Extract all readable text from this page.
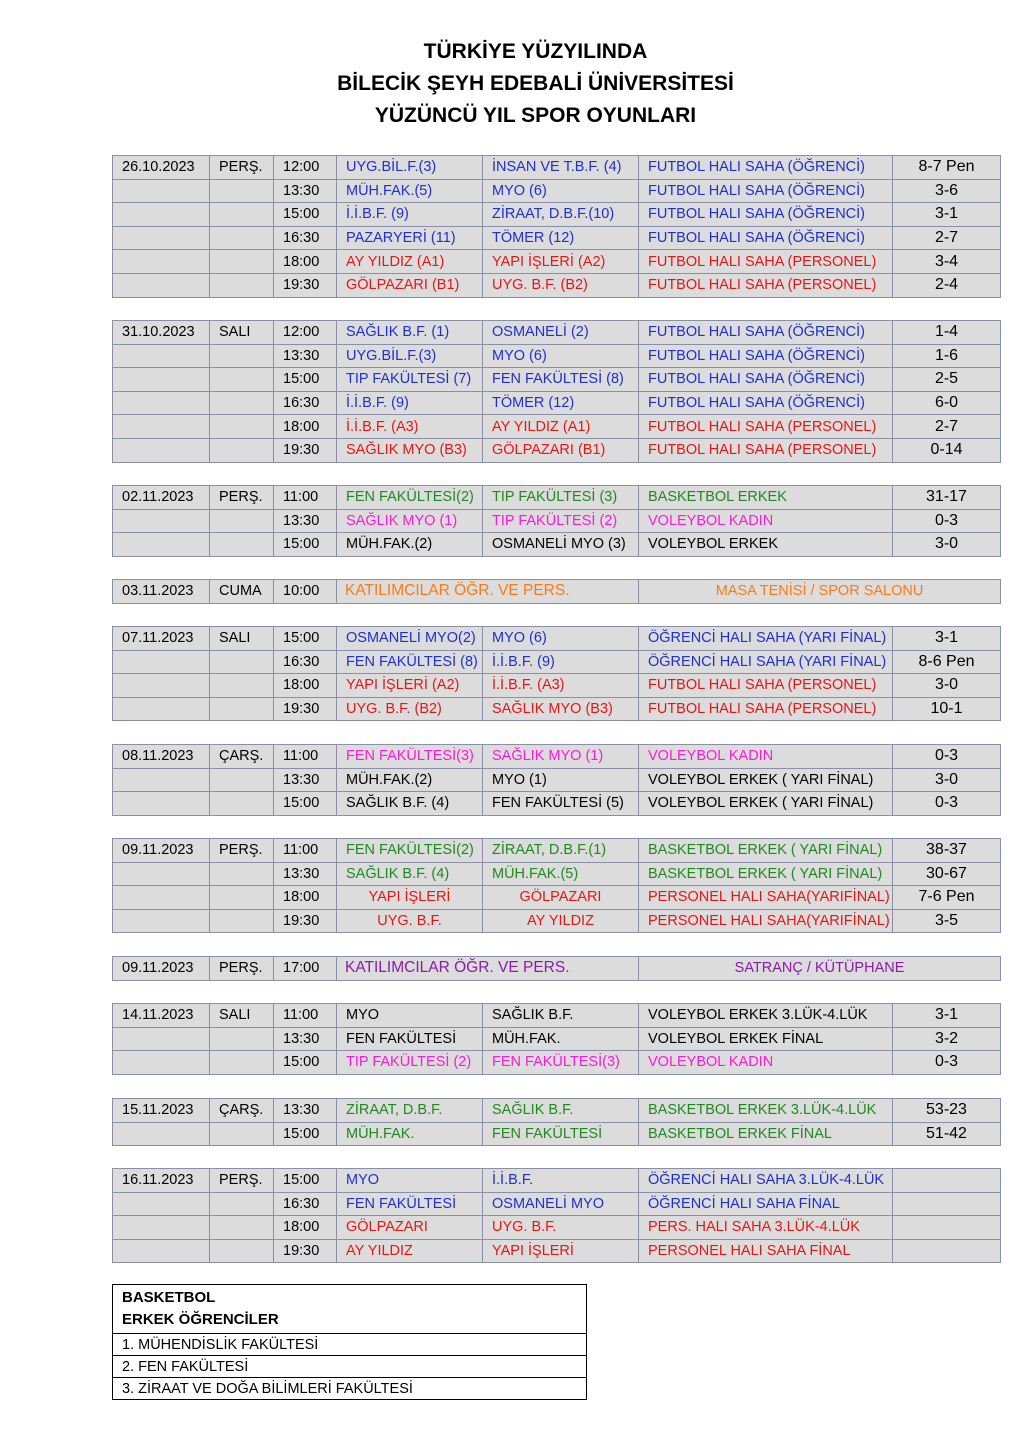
TÜRKİYE YÜZYILINDA
BİLECİK ŞEYH EDEBALİ ÜNİVERSİTESİ
YÜZÜNCÜ YIL SPOR OYUNLARI
26.10.2023	PERŞ.	12:00	UYG.BİL.F.(3)	İNSAN VE T.B.F. (4)	FUTBOL HALI SAHA (ÖĞRENCİ)	8-7 Pen
		13:30	MÜH.FAK.(5)	MYO (6)	FUTBOL HALI SAHA (ÖĞRENCİ)	3-6
		15:00	İ.İ.B.F. (9)	ZİRAAT, D.B.F.(10)	FUTBOL HALI SAHA (ÖĞRENCİ)	3-1
		16:30	PAZARYERİ (11)	TÖMER (12)	FUTBOL HALI SAHA (ÖĞRENCİ)	2-7
		18:00	AY YILDIZ (A1)	YAPI İŞLERİ (A2)	FUTBOL HALI SAHA (PERSONEL)	3-4
		19:30	GÖLPAZARI (B1)	UYG. B.F. (B2)	FUTBOL HALI SAHA (PERSONEL)	2-4
31.10.2023	SALI	12:00	SAĞLIK B.F. (1)	OSMANELİ (2)	FUTBOL HALI SAHA (ÖĞRENCİ)	1-4
		13:30	UYG.BİL.F.(3)	MYO (6)	FUTBOL HALI SAHA (ÖĞRENCİ)	1-6
		15:00	TIP FAKÜLTESİ (7)	FEN FAKÜLTESİ (8)	FUTBOL HALI SAHA (ÖĞRENCİ)	2-5
		16:30	İ.İ.B.F. (9)	TÖMER (12)	FUTBOL HALI SAHA (ÖĞRENCİ)	6-0
		18:00	İ.İ.B.F. (A3)	AY YILDIZ (A1)	FUTBOL HALI SAHA (PERSONEL)	2-7
		19:30	SAĞLIK MYO (B3)	GÖLPAZARI (B1)	FUTBOL HALI SAHA (PERSONEL)	0-14
02.11.2023	PERŞ.	11:00	FEN FAKÜLTESİ(2)	TIP FAKÜLTESİ (3)	BASKETBOL ERKEK	31-17
		13:30	SAĞLIK MYO (1)	TIP FAKÜLTESİ (2)	VOLEYBOL KADIN	0-3
		15:00	MÜH.FAK.(2)	OSMANELİ MYO (3)	VOLEYBOL ERKEK	3-0
03.11.2023	CUMA	10:00	KATILIMCILAR ÖĞR. VE PERS.	MASA TENİSİ / SPOR SALONU
07.11.2023	SALI	15:00	OSMANELİ MYO(2)	MYO (6)	ÖĞRENCİ HALI SAHA (YARI FİNAL)	3-1
		16:30	FEN FAKÜLTESİ (8)	İ.İ.B.F. (9)	ÖĞRENCİ HALI SAHA (YARI FİNAL)	8-6 Pen
		18:00	YAPI İŞLERİ (A2)	İ.İ.B.F. (A3)	FUTBOL HALI SAHA (PERSONEL)	3-0
		19:30	UYG. B.F. (B2)	SAĞLIK MYO (B3)	FUTBOL HALI SAHA (PERSONEL)	10-1
08.11.2023	ÇARŞ.	11:00	FEN FAKÜLTESİ(3)	SAĞLIK MYO (1)	VOLEYBOL KADIN	0-3
		13:30	MÜH.FAK.(2)	MYO (1)	VOLEYBOL ERKEK ( YARI FİNAL)	3-0
		15:00	SAĞLIK B.F. (4)	FEN FAKÜLTESİ (5)	VOLEYBOL ERKEK ( YARI FİNAL)	0-3
09.11.2023	PERŞ.	11:00	FEN FAKÜLTESİ(2)	ZİRAAT, D.B.F.(1)	BASKETBOL ERKEK ( YARI FİNAL)	38-37
		13:30	SAĞLIK B.F. (4)	MÜH.FAK.(5)	BASKETBOL ERKEK ( YARI FİNAL)	30-67
		18:00	YAPI İŞLERİ	GÖLPAZARI	PERSONEL HALI SAHA(YARIFİNAL)	7-6 Pen
		19:30	UYG. B.F.	AY YILDIZ	PERSONEL HALI SAHA(YARIFİNAL)	3-5
09.11.2023	PERŞ.	17:00	KATILIMCILAR ÖĞR. VE PERS.	SATRANÇ / KÜTÜPHANE
14.11.2023	SALI	11:00	MYO	SAĞLIK B.F.	VOLEYBOL ERKEK 3.LÜK-4.LÜK	3-1
		13:30	FEN FAKÜLTESİ	MÜH.FAK.	VOLEYBOL ERKEK FİNAL	3-2
		15:00	TIP FAKÜLTESİ (2)	FEN FAKÜLTESİ(3)	VOLEYBOL KADIN	0-3
15.11.2023	ÇARŞ.	13:30	ZİRAAT, D.B.F.	SAĞLIK B.F.	BASKETBOL ERKEK 3.LÜK-4.LÜK	53-23
		15:00	MÜH.FAK.	FEN FAKÜLTESİ	BASKETBOL ERKEK FİNAL	51-42
16.11.2023	PERŞ.	15:00	MYO	İ.İ.B.F.	ÖĞRENCİ HALI SAHA 3.LÜK-4.LÜK	
		16:30	FEN FAKÜLTESİ	OSMANELİ MYO	ÖĞRENCİ HALI SAHA FİNAL	
		18:00	GÖLPAZARI	UYG. B.F.	PERS. HALI SAHA 3.LÜK-4.LÜK	
		19:30	AY YILDIZ	YAPI İŞLERİ	PERSONEL HALI SAHA FİNAL	
BASKETBOL
ERKEK ÖĞRENCİLER

1. MÜHENDİSLİK FAKÜLTESİ
2. FEN FAKÜLTESİ
3. ZİRAAT VE DOĞA BİLİMLERİ FAKÜLTESİ
